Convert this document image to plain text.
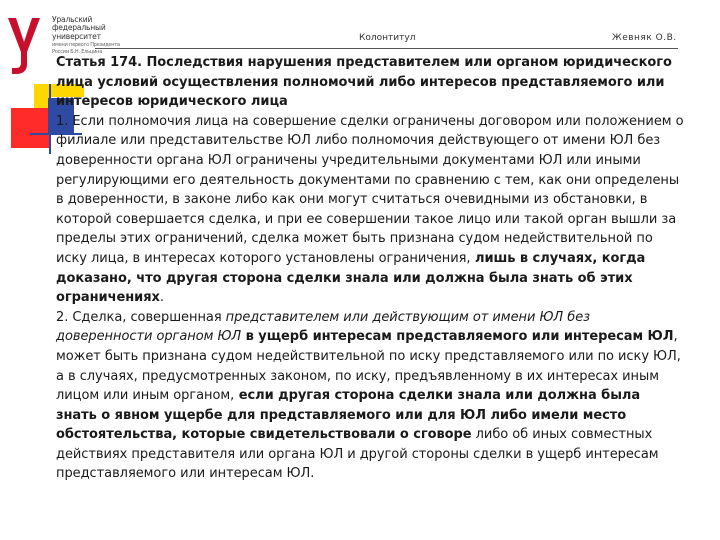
Уральский
федеральный
университет
имени первого Президента
России Б.Н. Ельцина
Колонтитул	Жевняк О.В.

Статья 174. Последствия нарушения представителем или органом юридического лица условий осуществления полномочий либо интересов представляемого или интересов юридического лица

1. Если полномочия лица на совершение сделки ограничены договором или положением о филиале или представительстве ЮЛ либо полномочия действующего от имени ЮЛ без доверенности органа ЮЛ ограничены учредительными документами ЮЛ или иными регулирующими его деятельность документами по сравнению с тем, как они определены в доверенности, в законе либо как они могут считаться очевидными из обстановки, в которой совершается сделка, и при ее совершении такое лицо или такой орган вышли за пределы этих ограничений, сделка может быть признана судом недействительной по иску лица, в интересах которого установлены ограничения, лишь в случаях, когда доказано, что другая сторона сделки знала или должна была знать об этих ограничениях.

2. Сделка, совершенная представителем или действующим от имени ЮЛ без доверенности органом ЮЛ в ущерб интересам представляемого или интересам ЮЛ, может быть признана судом недействительной по иску представляемого или по иску ЮЛ, а в случаях, предусмотренных законом, по иску, предъявленному в их интересах иным лицом или иным органом, если другая сторона сделки знала или должна была знать о явном ущербе для представляемого или для ЮЛ либо имели место обстоятельства, которые свидетельствовали о сговоре либо об иных совместных действиях представителя или органа ЮЛ и другой стороны сделки в ущерб интересам представляемого или интересам ЮЛ.
